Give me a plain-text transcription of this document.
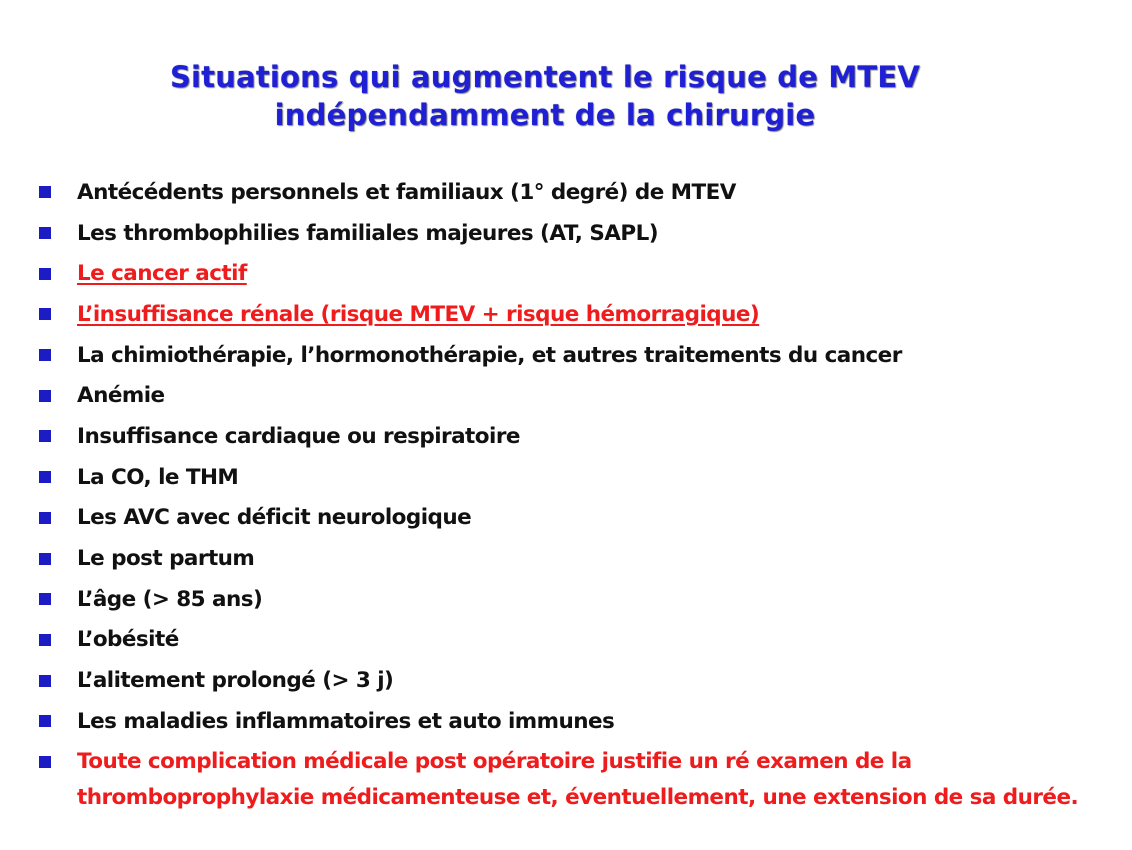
Situations qui augmentent le risque de MTEV
indépendamment de la chirurgie
Antécédents personnels et familiaux (1° degré) de MTEV
Les thrombophilies familiales majeures (AT, SAPL)
Le cancer actif
L’insuffisance rénale (risque MTEV + risque hémorragique)
La chimiothérapie, l’hormonothérapie, et autres traitements du cancer
Anémie
Insuffisance cardiaque ou respiratoire
La CO, le THM
Les AVC avec déficit neurologique
Le post partum
L’âge (> 85 ans)
L’obésité
L’alitement prolongé (> 3 j)
Les maladies inflammatoires et auto immunes
Toute complication médicale post opératoire justifie un ré examen de la
thromboprophylaxie médicamenteuse et, éventuellement, une extension de sa durée.
